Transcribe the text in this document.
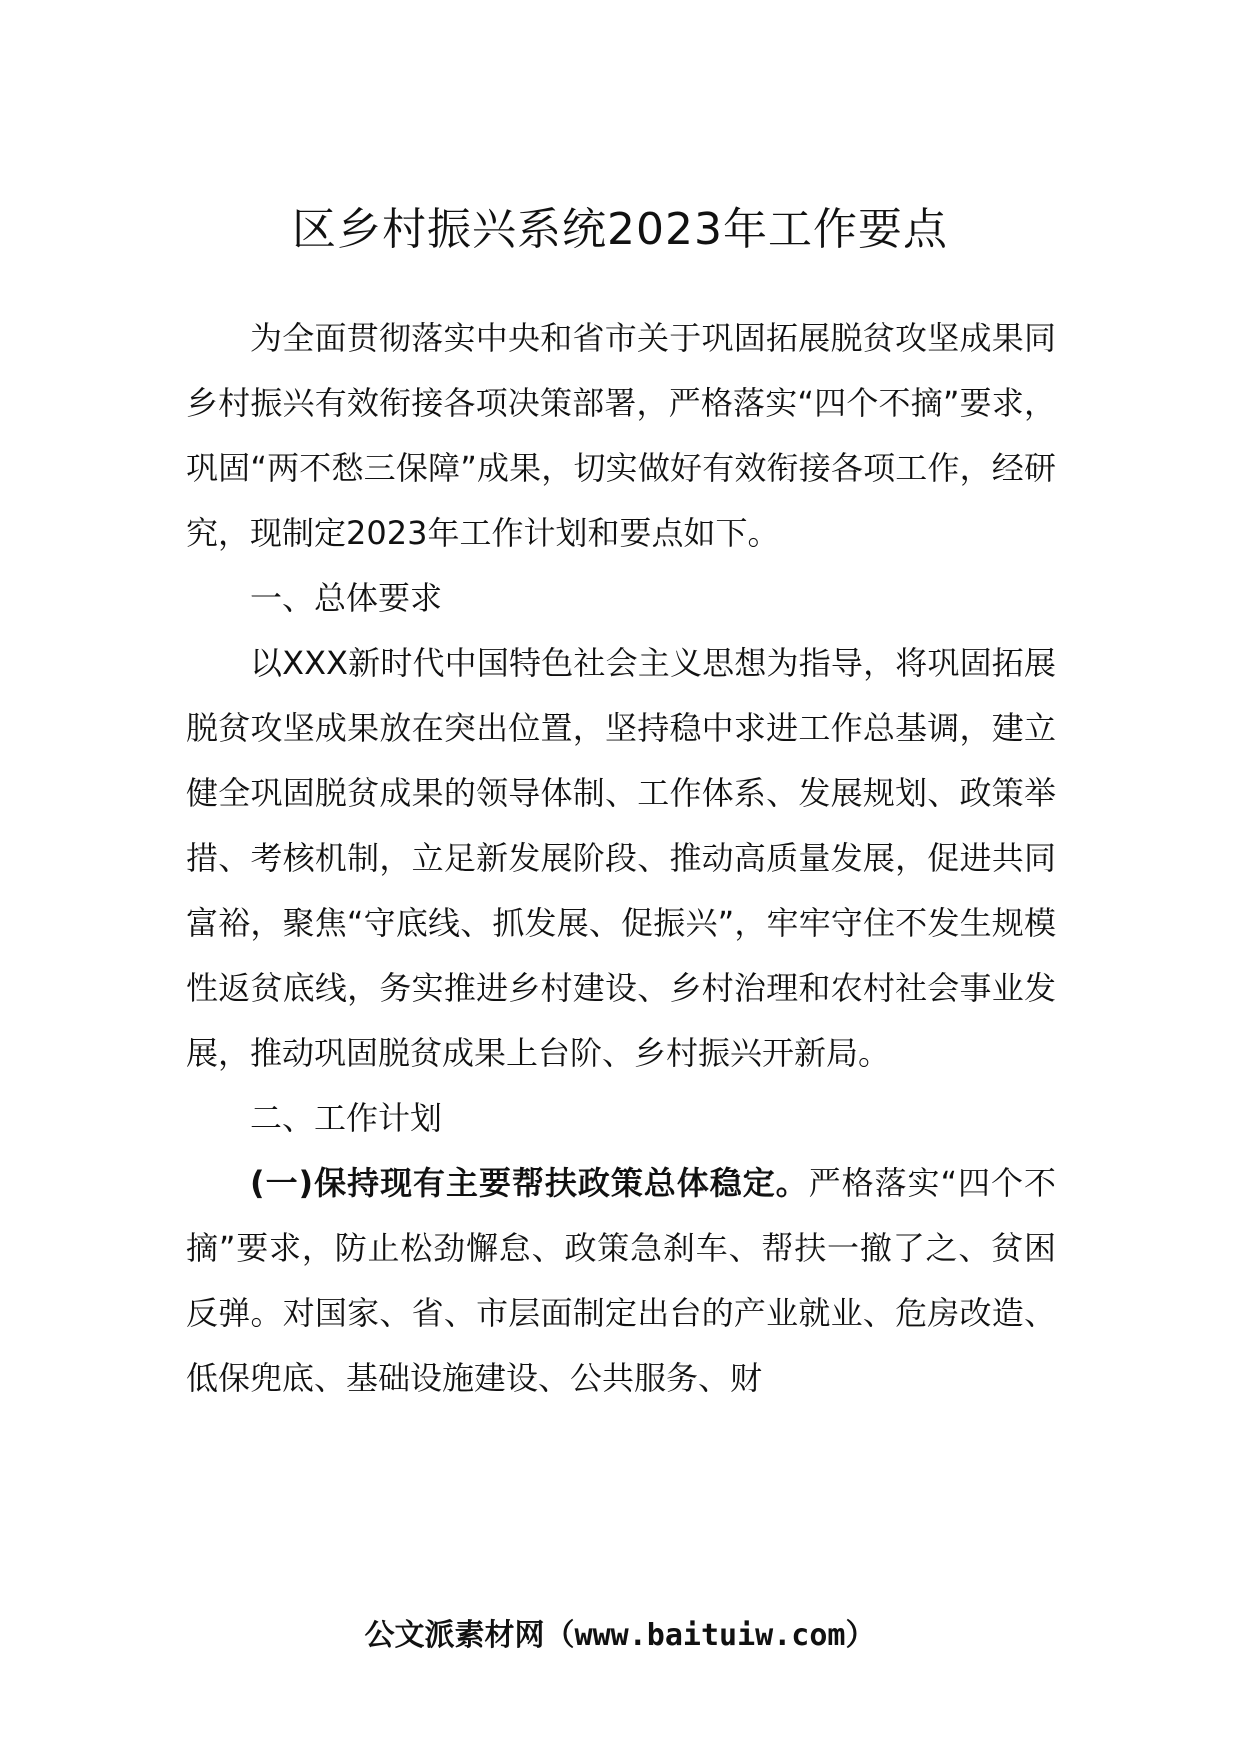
区乡村振兴系统2023年工作要点

为全面贯彻落实中央和省市关于巩固拓展脱贫攻坚成果同乡村振兴有效衔接各项决策部署，严格落实“四个不摘”要求，巩固“两不愁三保障”成果，切实做好有效衔接各项工作，经研究，现制定2023年工作计划和要点如下。

一、总体要求

以XXX新时代中国特色社会主义思想为指导，将巩固拓展脱贫攻坚成果放在突出位置，坚持稳中求进工作总基调，建立健全巩固脱贫成果的领导体制、工作体系、发展规划、政策举措、考核机制，立足新发展阶段、推动高质量发展，促进共同富裕，聚焦“守底线、抓发展、促振兴”，牢牢守住不发生规模性返贫底线，务实推进乡村建设、乡村治理和农村社会事业发展，推动巩固脱贫成果上台阶、乡村振兴开新局。

二、工作计划

(一)保持现有主要帮扶政策总体稳定。严格落实“四个不摘”要求，防止松劲懈怠、政策急刹车、帮扶一撤了之、贫困反弹。对国家、省、市层面制定出台的产业就业、危房改造、低保兜底、基础设施建设、公共服务、财

公文派素材网（www.baituiw.com）
